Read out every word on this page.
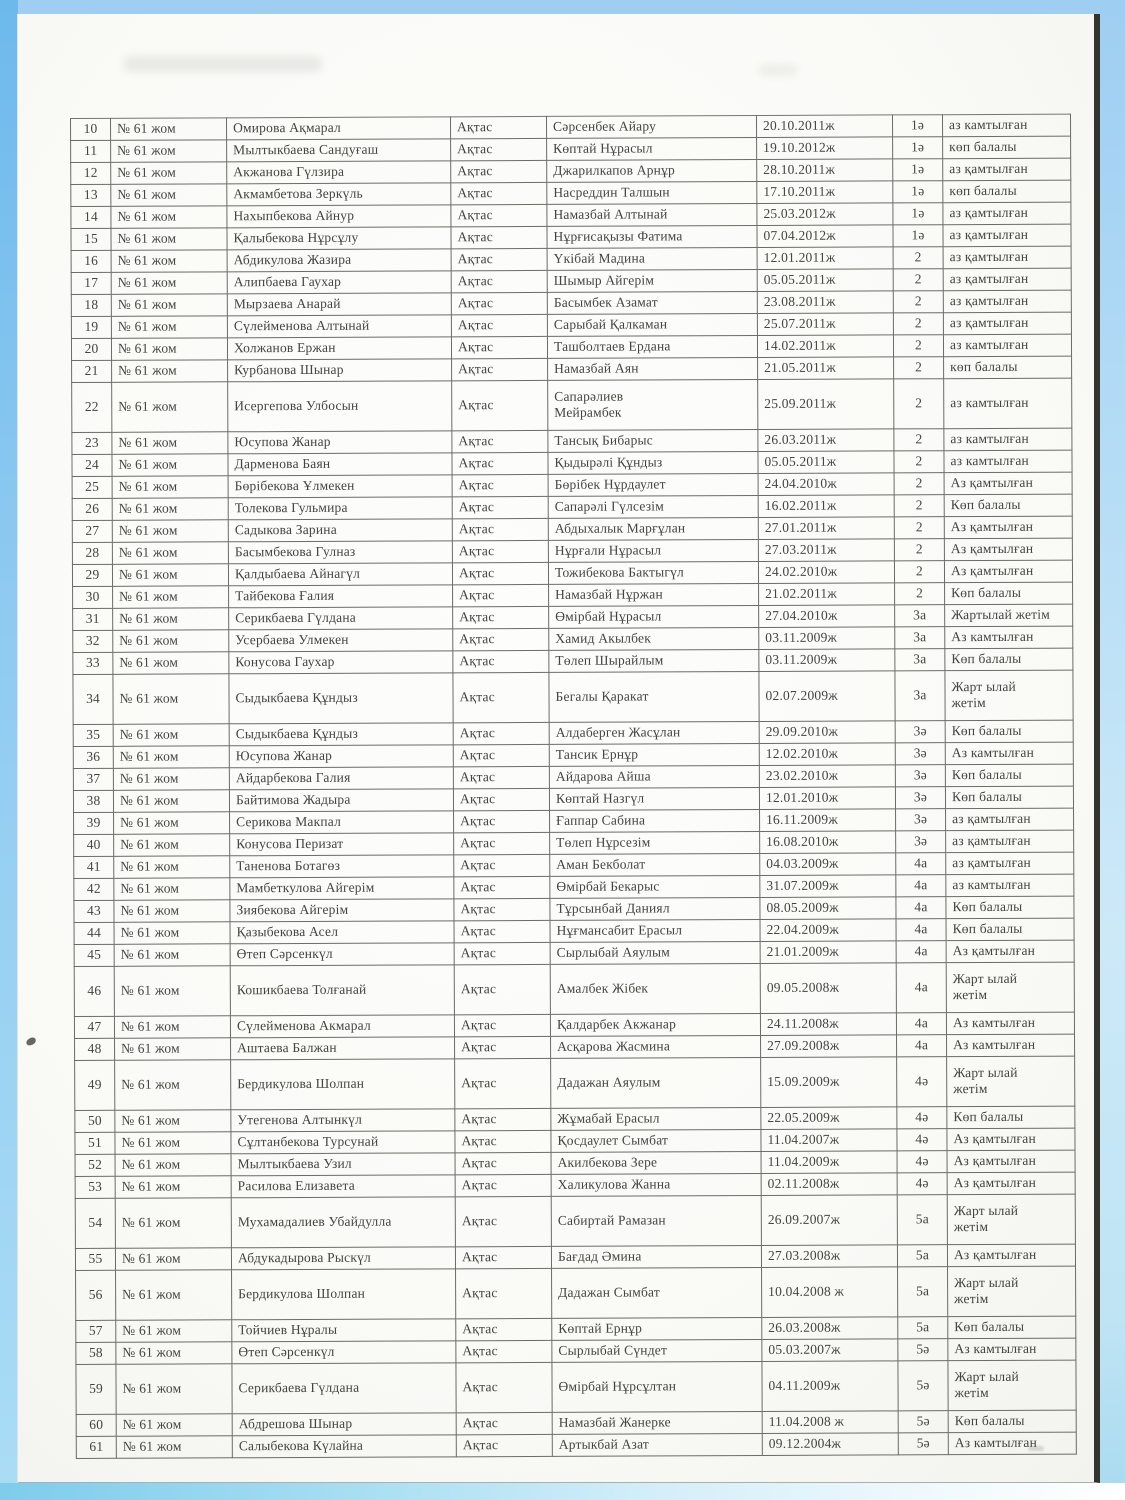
10	№ 61 жом	Омирова Ақмарал	Ақтас	Сәрсенбек Айару	20.10.2011ж	1ә	аз камтылған
11	№ 61 жом	Мылтыкбаева Сандуғаш	Ақтас	Көптай Нұрасыл	19.10.2012ж	1ә	көп балалы
12	№ 61 жом	Акжанова Гүлзира	Ақтас	Джарилкапов Арнұр	28.10.2011ж	1ә	аз қамтылған
13	№ 61 жом	Акмамбетова Зеркүль	Ақтас	Насреддин Талшын	17.10.2011ж	1ә	көп балалы
14	№ 61 жом	Нахыпбекова Айнур	Ақтас	Намазбай Алтынай	25.03.2012ж	1ә	аз қамтылған
15	№ 61 жом	Қалыбекова Нұрсұлу	Ақтас	Нұрғисақызы Фатима	07.04.2012ж	1ә	аз қамтылған
16	№ 61 жом	Абдикулова Жазира	Ақтас	Үкібай Мадина	12.01.2011ж	2	аз қамтылған
17	№ 61 жом	Алипбаева Гаухар	Ақтас	Шымыр Айгерім	05.05.2011ж	2	аз қамтылған
18	№ 61 жом	Мырзаева Анарай	Ақтас	Басымбек Азамат	23.08.2011ж	2	аз қамтылған
19	№ 61 жом	Сүлейменова Алтынай	Ақтас	Сарыбай Қалкаман	25.07.2011ж	2	аз қамтылған
20	№ 61 жом	Холжанов Ержан	Ақтас	Ташболтаев Ердана	14.02.2011ж	2	аз камтылған
21	№ 61 жом	Курбанова Шынар	Ақтас	Намазбай Аян	21.05.2011ж	2	көп балалы
22	№ 61 жом	Исергепова Улбосын	Ақтас	Сапарәлиев
Мейрамбек	25.09.2011ж	2	аз камтылған
23	№ 61 жом	Юсупова Жанар	Ақтас	Тансық Бибарыс	26.03.2011ж	2	аз камтылған
24	№ 61 жом	Дарменова Баян	Ақтас	Қыдырәлі Құндыз	05.05.2011ж	2	аз камтылған
25	№ 61 жом	Бөрібекова Ұлмекен	Ақтас	Бөрібек Нұрдаулет	24.04.2010ж	2	Аз қамтылған
26	№ 61 жом	Толекова Гульмира	Ақтас	Сапарәлі Гүлсезім	16.02.2011ж	2	Көп балалы
27	№ 61 жом	Садыкова Зарина	Ақтас	Абдыхалык Марғұлан	27.01.2011ж	2	Аз қамтылған
28	№ 61 жом	Басымбекова Гулназ	Ақтас	Нұрғали Нұрасыл	27.03.2011ж	2	Аз қамтылған
29	№ 61 жом	Қалдыбаева Айнагүл	Ақтас	Тожибекова Бактыгүл	24.02.2010ж	2	Аз қамтылған
30	№ 61 жом	Тайбекова Ғалия	Ақтас	Намазбай Нұржан	21.02.2011ж	2	Көп балалы
31	№ 61 жом	Серикбаева Гүлдана	Ақтас	Өмірбай Нұрасыл	27.04.2010ж	3а	Жартылай жетім
32	№ 61 жом	Усербаева Улмекен	Ақтас	Хамид Акылбек	03.11.2009ж	3а	Аз камтылған
33	№ 61 жом	Конусова Гаухар	Ақтас	Төлеп Шырайлым	03.11.2009ж	3а	Көп балалы
34	№ 61 жом	Сыдыкбаева Құндыз	Ақтас	Бегалы Қаракат	02.07.2009ж	3а	Жарт ылай
жетім
35	№ 61 жом	Сыдыкбаева Құндыз	Ақтас	Алдаберген Жасұлан	29.09.2010ж	3ә	Көп балалы
36	№ 61 жом	Юсупова Жанар	Ақтас	Тансик Ернұр	12.02.2010ж	3ә	Аз камтылған
37	№ 61 жом	Айдарбекова Галия	Ақтас	Айдарова Айша	23.02.2010ж	3ә	Көп балалы
38	№ 61 жом	Байтимова Жадыра	Ақтас	Көптай Назгүл	12.01.2010ж	3ә	Көп балалы
39	№ 61 жом	Серикова Макпал	Ақтас	Ғаппар Сабина	16.11.2009ж	3ә	аз қамтылған
40	№ 61 жом	Конусова Перизат	Ақтас	Төлеп Нұрсезім	16.08.2010ж	3ә	аз қамтылған
41	№ 61 жом	Таненова Ботагөз	Ақтас	Аман Бекболат	04.03.2009ж	4а	аз қамтылған
42	№ 61 жом	Мамбеткулова Айгерім	Ақтас	Өмірбай Бекарыс	31.07.2009ж	4а	аз камтылған
43	№ 61 жом	Зиябекова Айгерім	Ақтас	Тұрсынбай Даниял	08.05.2009ж	4а	Көп балалы
44	№ 61 жом	Қазыбекова Асел	Ақтас	Нұғмансабит Ерасыл	22.04.2009ж	4а	Көп балалы
45	№ 61 жом	Өтеп Сәрсенкүл	Ақтас	Сырлыбай Аяулым	21.01.2009ж	4а	Аз қамтылған
46	№ 61 жом	Кошикбаева Толғанай	Ақтас	Амалбек Жібек	09.05.2008ж	4а	Жарт ылай
жетім
47	№ 61 жом	Сүлейменова Акмарал	Ақтас	Қалдарбек Акжанар	24.11.2008ж	4а	Аз камтылған
48	№ 61 жом	Аштаева Балжан	Ақтас	Асқарова Жасмина	27.09.2008ж	4а	Аз камтылған
49	№ 61 жом	Бердикулова Шолпан	Ақтас	Дадажан Аяулым	15.09.2009ж	4ә	Жарт ылай
жетім
50	№ 61 жом	Утегенова Алтынкүл	Ақтас	Жұмабай Ерасыл	22.05.2009ж	4ә	Көп балалы
51	№ 61 жом	Сұлтанбекова Турсунай	Ақтас	Қосдаулет Сымбат	11.04.2007ж	4ә	Аз қамтылған
52	№ 61 жом	Мылтыкбаева Узил	Ақтас	Акилбекова Зере	11.04.2009ж	4ә	Аз қамтылған
53	№ 61 жом	Расилова Елизавета	Ақтас	Халикулова Жанна	02.11.2008ж	4ә	Аз қамтылған
54	№ 61 жом	Мухамадалиев Убайдулла	Ақтас	Сабиртай Рамазан	26.09.2007ж	5а	Жарт ылай
жетім
55	№ 61 жом	Абдукадырова Рыскүл	Ақтас	Бағдад Әмина	27.03.2008ж	5а	Аз қамтылған
56	№ 61 жом	Бердикулова Шолпан	Ақтас	Дадажан Сымбат	10.04.2008 ж	5а	Жарт ылай
жетім
57	№ 61 жом	Тойчиев Нұралы	Ақтас	Көптай Ернұр	26.03.2008ж	5а	Көп балалы
58	№ 61 жом	Өтеп Сәрсенкүл	Ақтас	Сырлыбай Сүндет	05.03.2007ж	5ә	Аз камтылған
59	№ 61 жом	Серикбаева Гүлдана	Ақтас	Өмірбай Нұрсұлтан	04.11.2009ж	5ә	Жарт ылай
жетім
60	№ 61 жом	Абдрешова Шынар	Ақтас	Намазбай Жанерке	11.04.2008 ж	5ә	Көп балалы
61	№ 61 жом	Салыбекова Күлайна	Ақтас	Артыкбай Азат	09.12.2004ж	5ә	Аз камтылған
